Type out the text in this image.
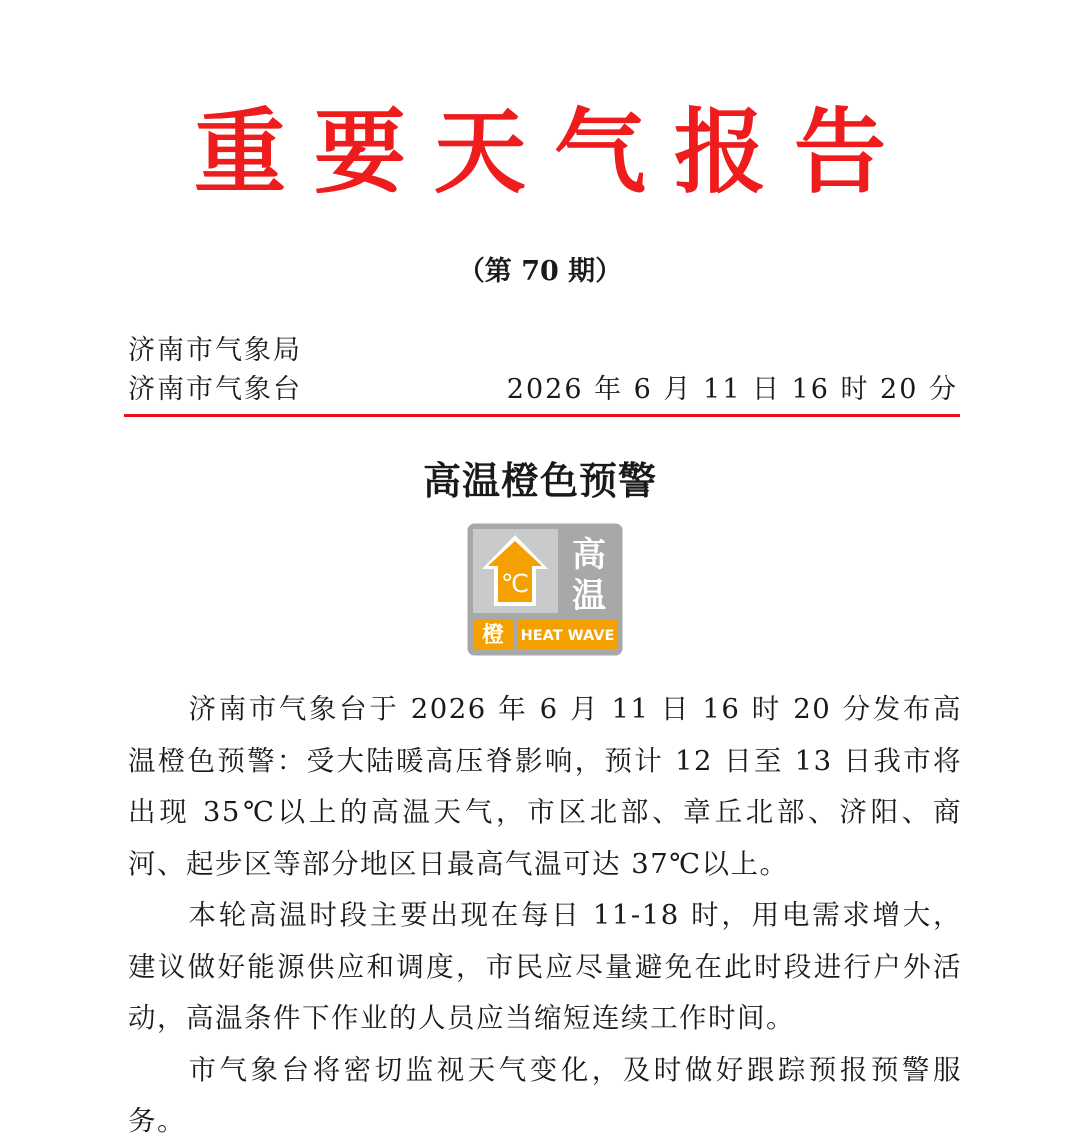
重要天气报告
（第 70 期）
济南市气象局
济南市气象台	2026 年 6 月 11 日 16 时 20 分
高温橙色预警
℃
高
温
橙 HEAT WAVE

济南市气象台于 2026 年 6 月 11 日 16 时 20 分发布高温橙色预警：受大陆暖高压脊影响，预计 12 日至 13 日我市将出现 35℃以上的高温天气，市区北部、章丘北部、济阳、商河、起步区等部分地区日最高气温可达 37℃以上。

本轮高温时段主要出现在每日 11-18 时，用电需求增大，建议做好能源供应和调度，市民应尽量避免在此时段进行户外活动，高温条件下作业的人员应当缩短连续工作时间。

市气象台将密切监视天气变化，及时做好跟踪预报预警服务。
